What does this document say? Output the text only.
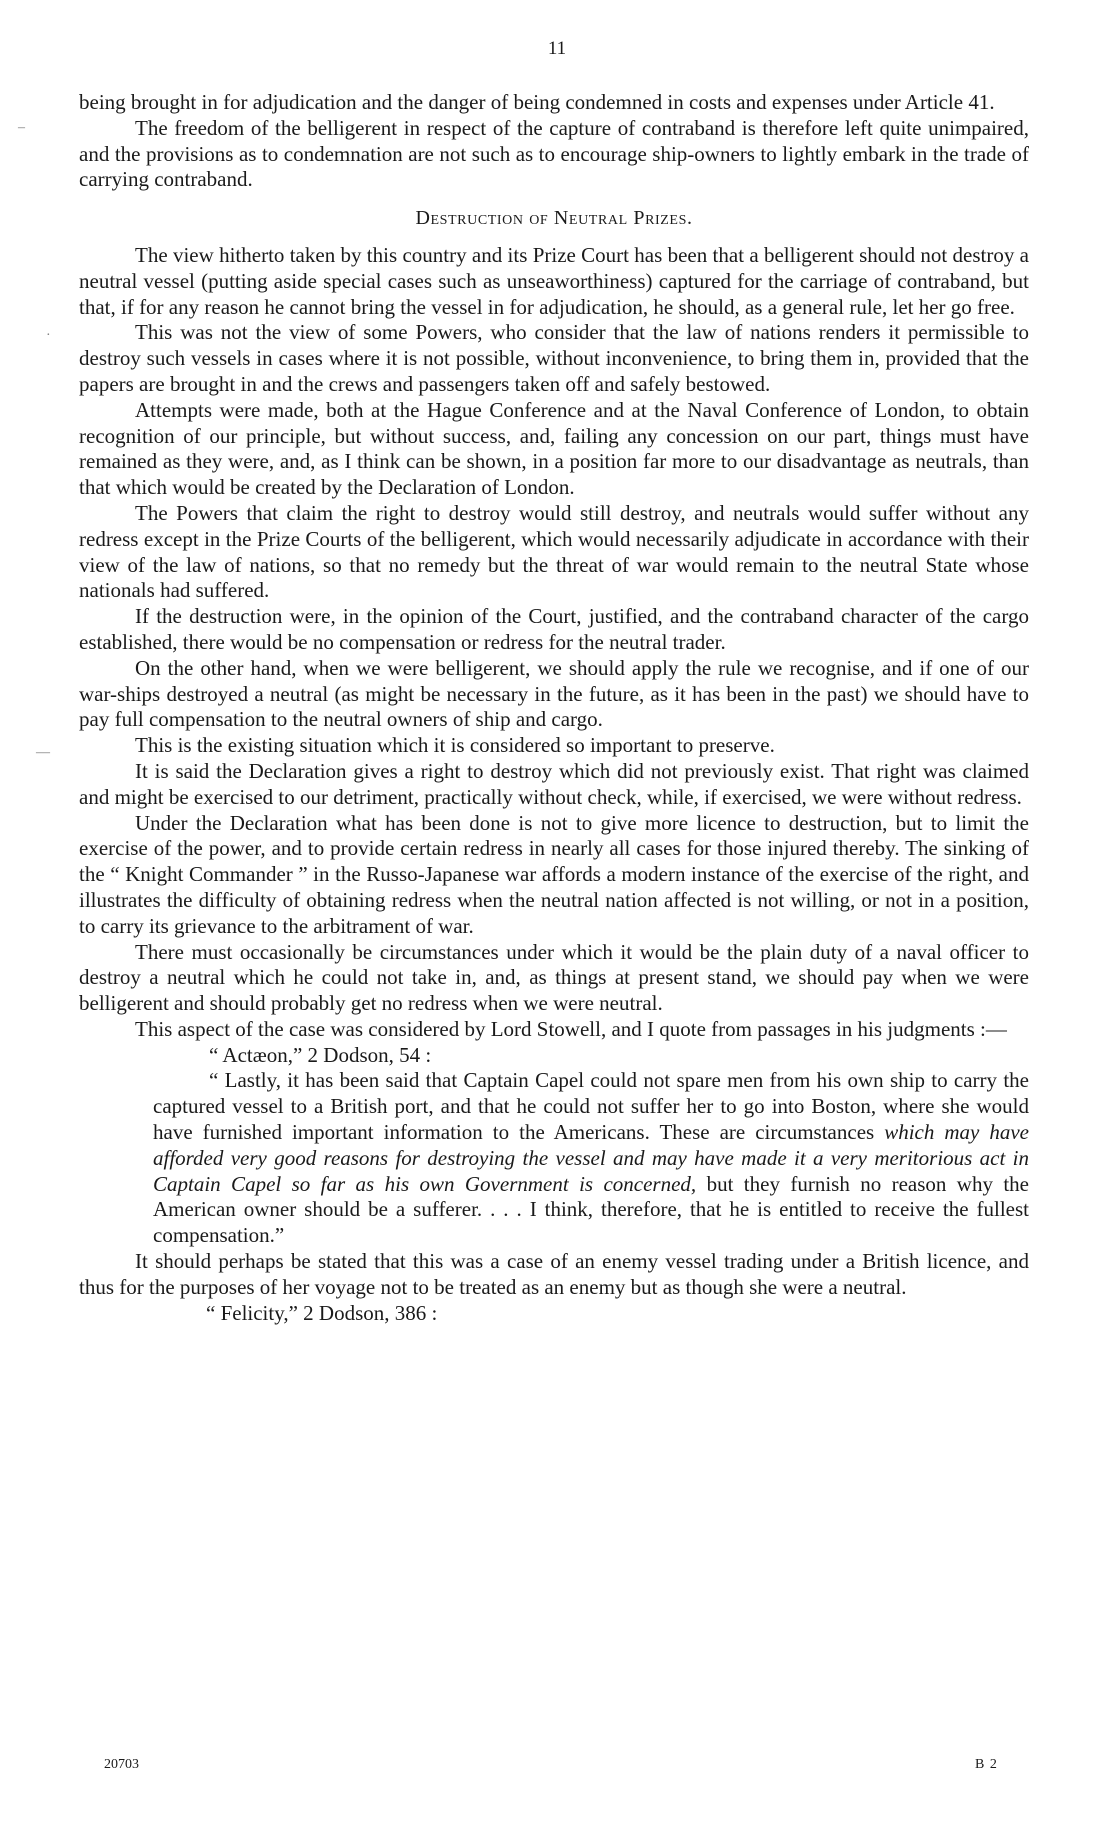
11
–
·
––

being brought in for adjudication and the danger of being condemned in costs and expenses under Article 41.

The freedom of the belligerent in respect of the capture of contraband is therefore left quite unimpaired, and the provisions as to condemnation are not such as to encourage ship-owners to lightly embark in the trade of carrying contraband.

Destruction of Neutral Prizes.

The view hitherto taken by this country and its Prize Court has been that a belligerent should not destroy a neutral vessel (putting aside special cases such as unseaworthiness) captured for the carriage of contraband, but that, if for any reason he cannot bring the vessel in for adjudication, he should, as a general rule, let her go free.

This was not the view of some Powers, who consider that the law of nations renders it permissible to destroy such vessels in cases where it is not possible, without inconvenience, to bring them in, provided that the papers are brought in and the crews and passengers taken off and safely bestowed.

Attempts were made, both at the Hague Conference and at the Naval Conference of London, to obtain recognition of our principle, but without success, and, failing any concession on our part, things must have remained as they were, and, as I think can be shown, in a position far more to our disadvantage as neutrals, than that which would be created by the Declaration of London.

The Powers that claim the right to destroy would still destroy, and neutrals would suffer without any redress except in the Prize Courts of the belligerent, which would necessarily adjudicate in accordance with their view of the law of nations, so that no remedy but the threat of war would remain to the neutral State whose nationals had suffered.

If the destruction were, in the opinion of the Court, justified, and the contraband character of the cargo established, there would be no compensation or redress for the neutral trader.

On the other hand, when we were belligerent, we should apply the rule we recognise, and if one of our war-ships destroyed a neutral (as might be necessary in the future, as it has been in the past) we should have to pay full compensation to the neutral owners of ship and cargo.

This is the existing situation which it is considered so important to preserve.

It is said the Declaration gives a right to destroy which did not previously exist. That right was claimed and might be exercised to our detriment, practically without check, while, if exercised, we were without redress.

Under the Declaration what has been done is not to give more licence to destruction, but to limit the exercise of the power, and to provide certain redress in nearly all cases for those injured thereby. The sinking of the “ Knight Commander ” in the Russo-Japanese war affords a modern instance of the exercise of the right, and illustrates the difficulty of obtaining redress when the neutral nation affected is not willing, or not in a position, to carry its grievance to the arbitrament of war.

There must occasionally be circumstances under which it would be the plain duty of a naval officer to destroy a neutral which he could not take in, and, as things at present stand, we should pay when we were belligerent and should probably get no redress when we were neutral.

This aspect of the case was considered by Lord Stowell, and I quote from passages in his judgments :—

“ Actæon,” 2 Dodson, 54 :

“ Lastly, it has been said that Captain Capel could not spare men from his own ship to carry the captured vessel to a British port, and that he could not suffer her to go into Boston, where she would have furnished important information to the Americans. These are circumstances which may have afforded very good reasons for destroying the vessel and may have made it a very meritorious act in Captain Capel so far as his own Government is concerned, but they furnish no reason why the American owner should be a sufferer. . . . I think, therefore, that he is entitled to receive the fullest compensation.”

It should perhaps be stated that this was a case of an enemy vessel trading under a British licence, and thus for the purposes of her voyage not to be treated as an enemy but as though she were a neutral.

“ Felicity,” 2 Dodson, 386 :

20703	B 2
